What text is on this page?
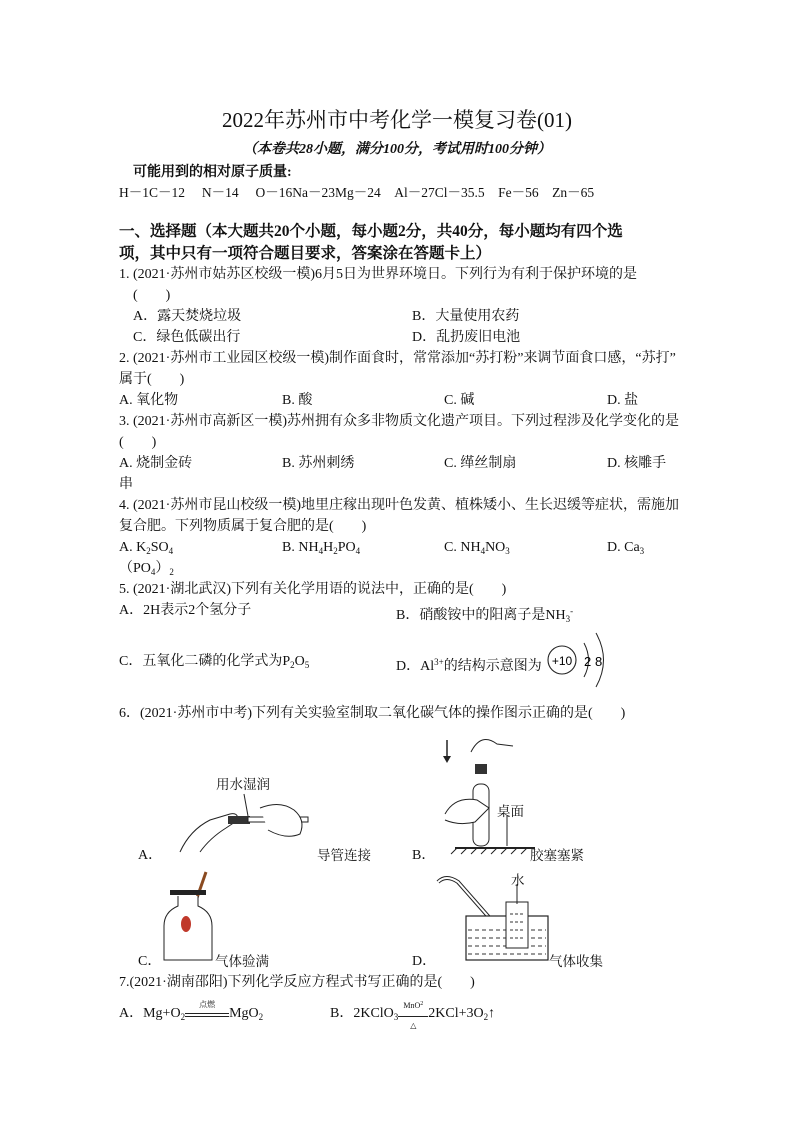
2022年苏州市中考化学一模复习卷(01)
（本卷共28小题，满分100分，考试用时100分钟）
可能用到的相对原子质量:
H－1C－12　 N－14　 O－16Na－23Mg－24　Al－27Cl－35.5　Fe－56　Zn－65
一、选择题（本大题共20个小题，每小题2分，共40分，每小题均有四个选
项，其中只有一项符合题目要求，答案涂在答题卡上）
1. (2021·苏州市姑苏区校级一模)6月5日为世界环境日。下列行为有利于保护环境的是
(　　)
A．露天焚烧垃圾	B．大量使用农药
C．绿色低碳出行	D．乱扔废旧电池
2. (2021·苏州市工业园区校级一模)制作面食时，常常添加“苏打粉”来调节面食口感，“苏打”
属于(　　)
A. 氧化物	B. 酸	C. 碱	D. 盐
3. (2021·苏州市高新区一模)苏州拥有众多非物质文化遗产项目。下列过程涉及化学变化的是
(　　)
A. 烧制金砖	B. 苏州刺绣	C. 缂丝制扇	D. 核雕手
串
4. (2021·苏州市昆山校级一模)地里庄稼出现叶色发黄、植株矮小、生长迟缓等症状，需施加
复合肥。下列物质属于复合肥的是(　　)
A. $K_2SO_4$	B. $NH_4H_2PO_4$	C. $NH_4NO_3$	D. $Ca_3$
$(PO_4)_2$
5. (2021·湖北武汉)下列有关化学用语的说法中，正确的是(　　)
A．2H表示2个氢分子	B．硝酸铵中的阳离子是$NH_3^-$
C．五氧化二磷的化学式为$P_2O_5$	D．$Al^{3+}$的结构示意图为 +10 2 8
6．(2021·苏州市中考)下列有关实验室制取二氧化碳气体的操作图示正确的是(　　)
A．
用水湿润
导管连接	B．
桌面
胶塞塞紧
C．	气体验满	D．
水
气体收集
7.(2021·湖南邵阳)下列化学反应方程式书写正确的是(　　)
A．$Mg+O_2$
点燃
MgO$_2$	B．2KClO$_3$
MnO$^2$
△
$2KCl+3O_2↑$
